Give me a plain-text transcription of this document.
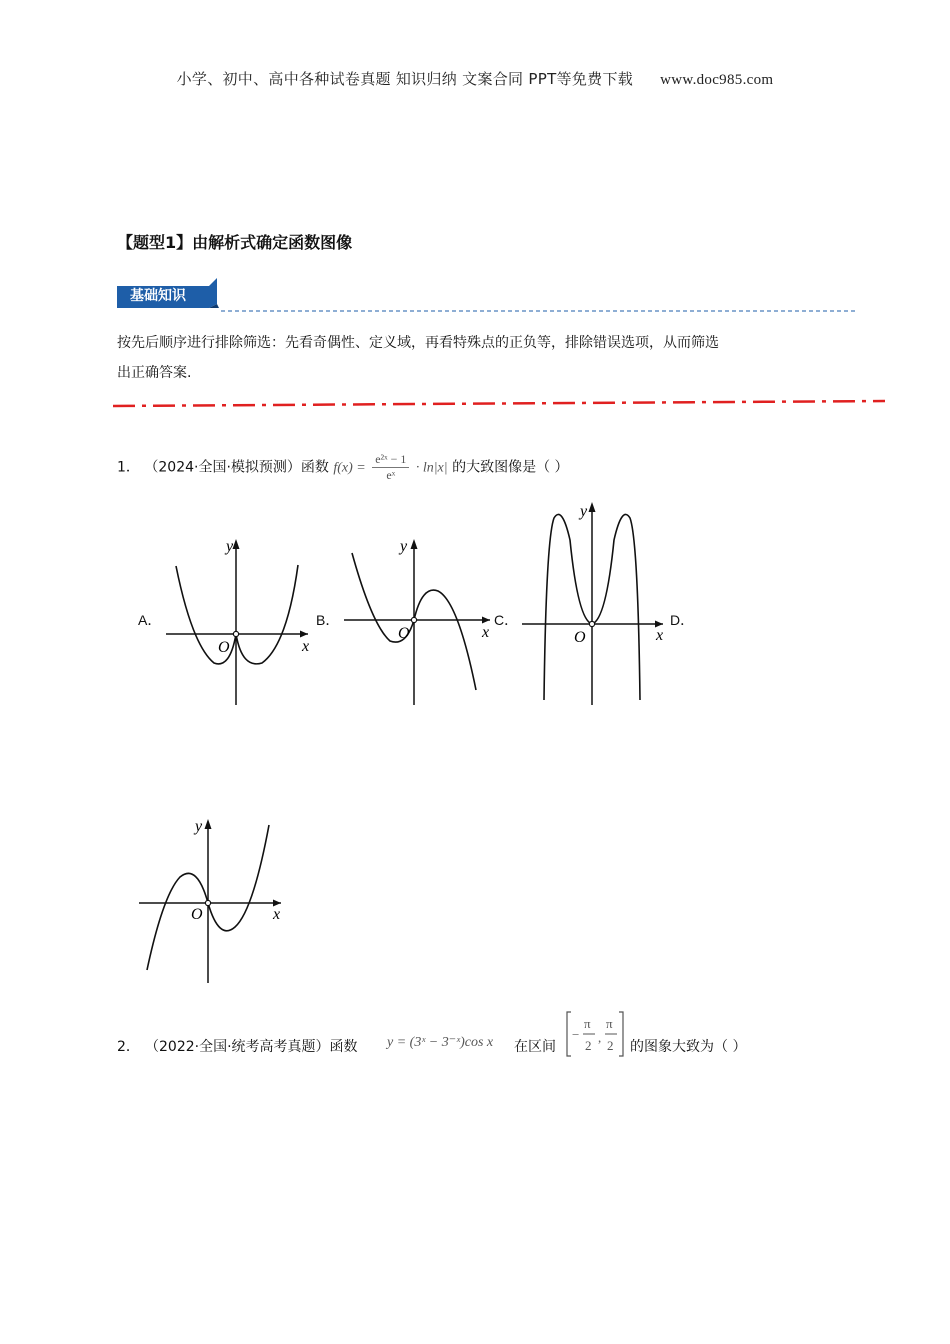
小学、初中、高中各种试卷真题 知识归纳 文案合同 PPT等免费下载 www.doc985.com
【题型1】由解析式确定函数图像
基础知识
按先后顺序进行排除筛选：先看奇偶性、定义域，再看特殊点的正负等，排除错误选项，从而筛选
出正确答案.
1． （2024·全国·模拟预测）函数 $f(x) = \frac{\text{e²ˣ − 1}}{\text{eˣ}} \cdot \ln|x|$ 的大致图像是（ ）
A．	B．	C．	D．
y
x
O
y
x
O
y
x
O
y
x
O
2． （2022·全国·统考高考真题）函数 y = (3ˣ − 3⁻ˣ)cos x 在区间
−
π
2
,
π
2 的图象大致为（ ）
